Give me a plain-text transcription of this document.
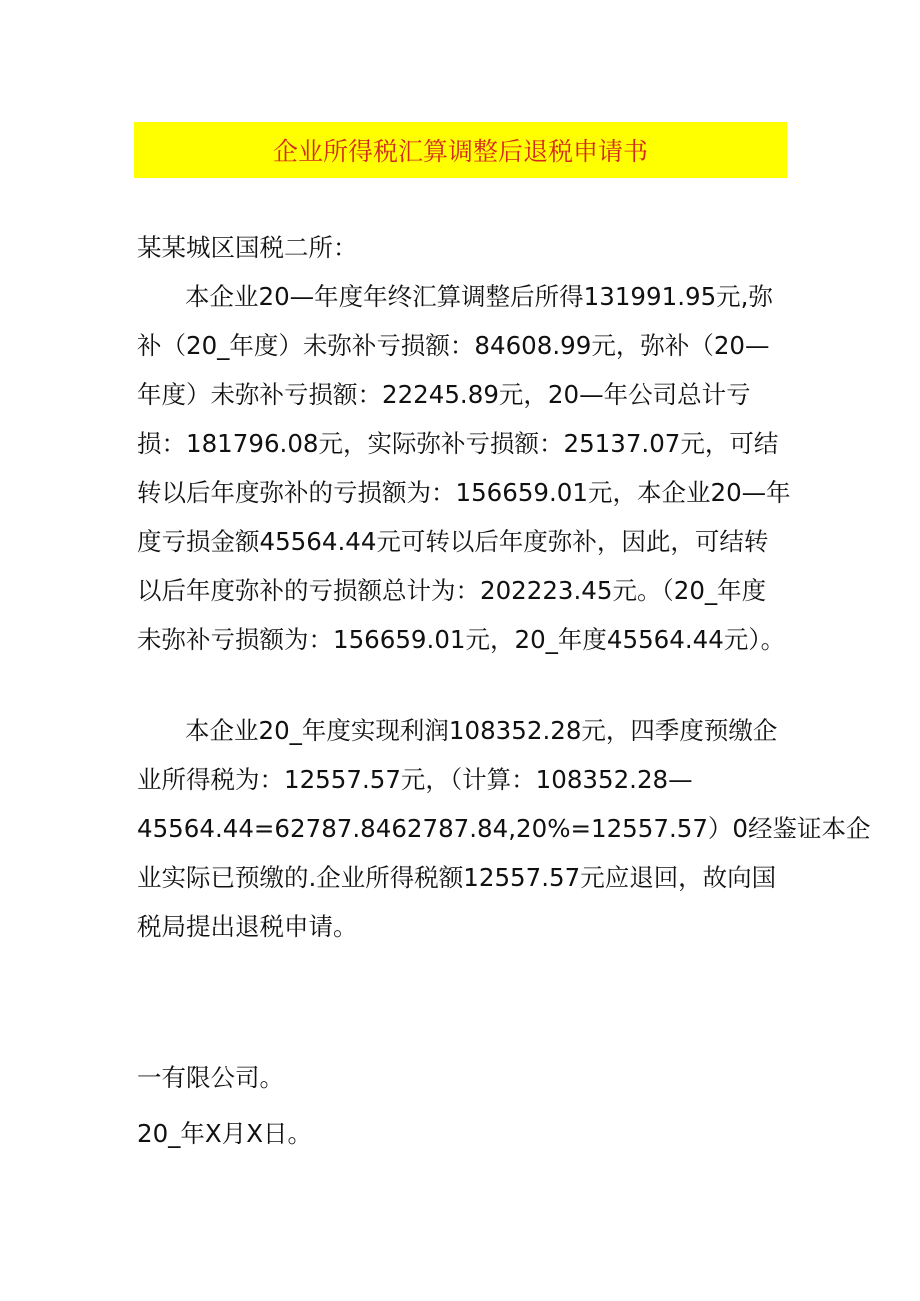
企业所得税汇算调整后退税申请书
某某城区国税二所：
本企业20—年度年终汇算调整后所得131991.95元,弥
补（20_年度）未弥补亏损额：84608.99元，弥补（20—
年度）未弥补亏损额：22245.89元，20—年公司总计亏
损：181796.08元，实际弥补亏损额：25137.07元，可结
转以后年度弥补的亏损额为：156659.01元，本企业20—年
度亏损金额45564.44元可转以后年度弥补，因此，可结转
以后年度弥补的亏损额总计为：202223.45元。（20_年度
未弥补亏损额为：156659.01元，20_年度45564.44元）。
本企业20_年度实现利润108352.28元，四季度预缴企
业所得税为：12557.57元，（计算：108352.28—
45564.44=62787.8462787.84,20%=12557.57）0经鉴证本企
业实际已预缴的.企业所得税额12557.57元应退回，故向国
税局提出退税申请。
一有限公司。
20_年X月X日。
